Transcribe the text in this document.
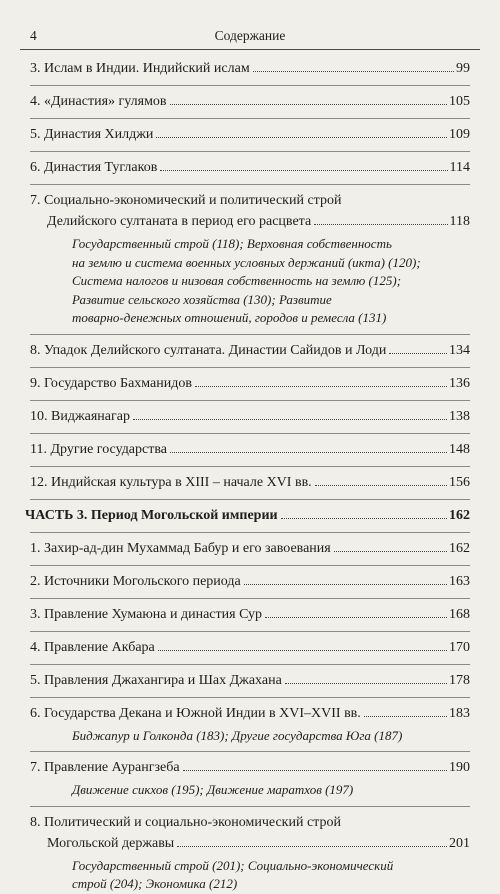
4	Содержание
3. Ислам в Индии. Индийский ислам	99
4. «Династия» гулямов	105
5. Династия Хилджи	109
6. Династия Туглаков	114
7. Социально-экономический и политический строй
Делийского султаната в период его расцвета	118
Государственный строй (118); Верховная собственность
на землю и система военных условных держаний (икта) (120);
Система налогов и низовая собственность на землю (125);
Развитие сельского хозяйства (130); Развитие
товарно-денежных отношений, городов и ремесла (131)
8. Упадок Делийского султаната. Династии Сайидов и Лоди	134
9. Государство Бахманидов	136
10. Виджаянагар	138
11. Другие государства	148
12. Индийская культура в XIII – начале XVI вв.	156
ЧАСТЬ 3. Период Могольской империи	162
1. Захир-ад-дин Мухаммад Бабур и его завоевания	162
2. Источники Могольского периода	163
3. Правление Хумаюна и династия Сур	168
4. Правление Акбара	170
5. Правления Джахангира и Шах Джахана	178
6. Государства Декана и Южной Индии в XVI–XVII вв.	183
Биджапур и Голконда (183); Другие государства Юга (187)
7. Правление Аурангзеба	190
Движение сикхов (195); Движение маратхов (197)
8. Политический и социально-экономический строй
Могольской державы	201
Государственный строй (201); Социально-экономический
строй (204); Экономика (212)
